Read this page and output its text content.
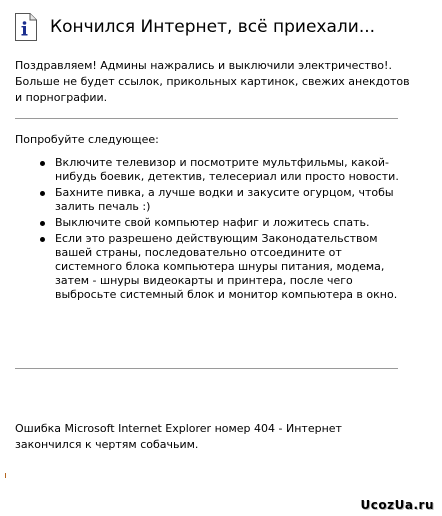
Кончился Интернет, всё приехали...
Поздравляем! Админы нажрались и выключили электричество!. Больше не будет ссылок, прикольных картинок, свежих анекдотов и порнографии.
Попробуйте следующее:
Включите телевизор и посмотрите мультфильмы, какой-нибудь боевик, детектив, телесериал или просто новости.
Бахните пивка, а лучше водки и закусите огурцом, чтобы залить печаль :)
Выключите свой компьютер нафиг и ложитесь спать.
Если это разрешено действующим Законодательством вашей страны, последовательно отсоедините от системного блока компьютера шнуры питания, модема, затем - шнуры видеокарты и принтера, после чего выбросьте системный блок и монитор компьютера в окно.
Ошибка Microsoft Internet Explorer номер 404 - Интернет закончился к чертям собачьим.
UcozUa.ru
